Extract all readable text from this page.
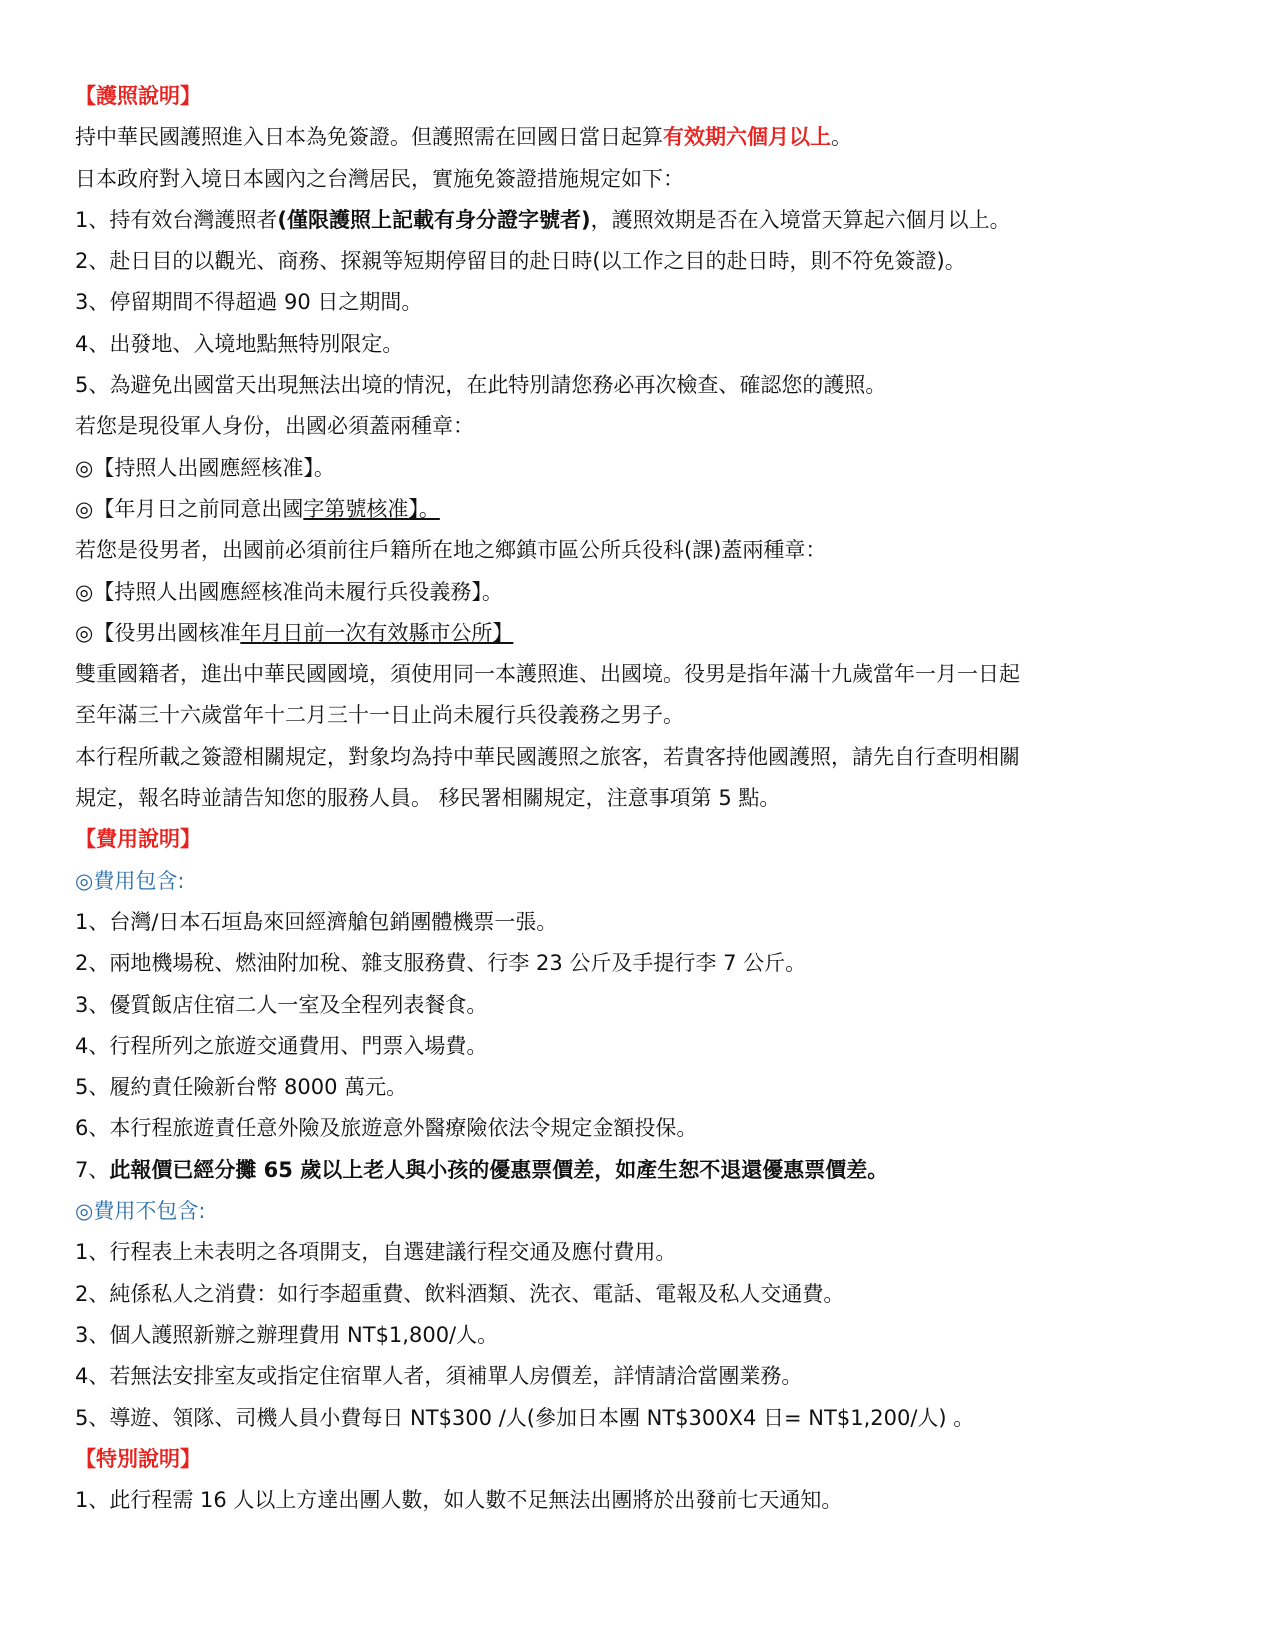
【護照說明】
持中華民國護照進入日本為免簽證。但護照需在回國日當日起算有效期六個月以上。
日本政府對入境日本國內之台灣居民，實施免簽證措施規定如下：
1、持有效台灣護照者(僅限護照上記載有身分證字號者)，護照效期是否在入境當天算起六個月以上。
2、赴日目的以觀光、商務、探親等短期停留目的赴日時(以工作之目的赴日時，則不符免簽證)。
3、停留期間不得超過 90 日之期間。
4、出發地、入境地點無特別限定。
5、為避免出國當天出現無法出境的情況，在此特別請您務必再次檢查、確認您的護照。
若您是現役軍人身份，出國必須蓋兩種章：
◎【持照人出國應經核准】。
◎【年月日之前同意出國字第號核准】。
若您是役男者，出國前必須前往戶籍所在地之鄉鎮市區公所兵役科(課)蓋兩種章：
◎【持照人出國應經核准尚未履行兵役義務】。
◎【役男出國核准年月日前一次有效縣市公所】
雙重國籍者，進出中華民國國境，須使用同一本護照進、出國境。役男是指年滿十九歲當年一月一日起
至年滿三十六歲當年十二月三十一日止尚未履行兵役義務之男子。
本行程所載之簽證相關規定，對象均為持中華民國護照之旅客，若貴客持他國護照，請先自行查明相關
規定，報名時並請告知您的服務人員。 移民署相關規定，注意事項第 5 點。
【費用說明】
◎費用包含:
1、台灣/日本石垣島來回經濟艙包銷團體機票一張。
2、兩地機場稅、燃油附加稅、雜支服務費、行李 23 公斤及手提行李 7 公斤。
3、優質飯店住宿二人一室及全程列表餐食。
4、行程所列之旅遊交通費用、門票入場費。
5、履約責任險新台幣 8000 萬元。
6、本行程旅遊責任意外險及旅遊意外醫療險依法令規定金額投保。
7、此報價已經分攤 65 歲以上老人與小孩的優惠票價差，如產生恕不退還優惠票價差。
◎費用不包含:
1、行程表上未表明之各項開支，自選建議行程交通及應付費用。
2、純係私人之消費：如行李超重費、飲料酒類、洗衣、電話、電報及私人交通費。
3、個人護照新辦之辦理費用 NT$1,800/人。
4、若無法安排室友或指定住宿單人者，須補單人房價差，詳情請洽當團業務。
5、導遊、領隊、司機人員小費每日 NT$300 /人(參加日本團 NT$300X4 日= NT$1,200/人) 。
【特別說明】
1、此行程需 16 人以上方達出團人數，如人數不足無法出團將於出發前七天通知。
